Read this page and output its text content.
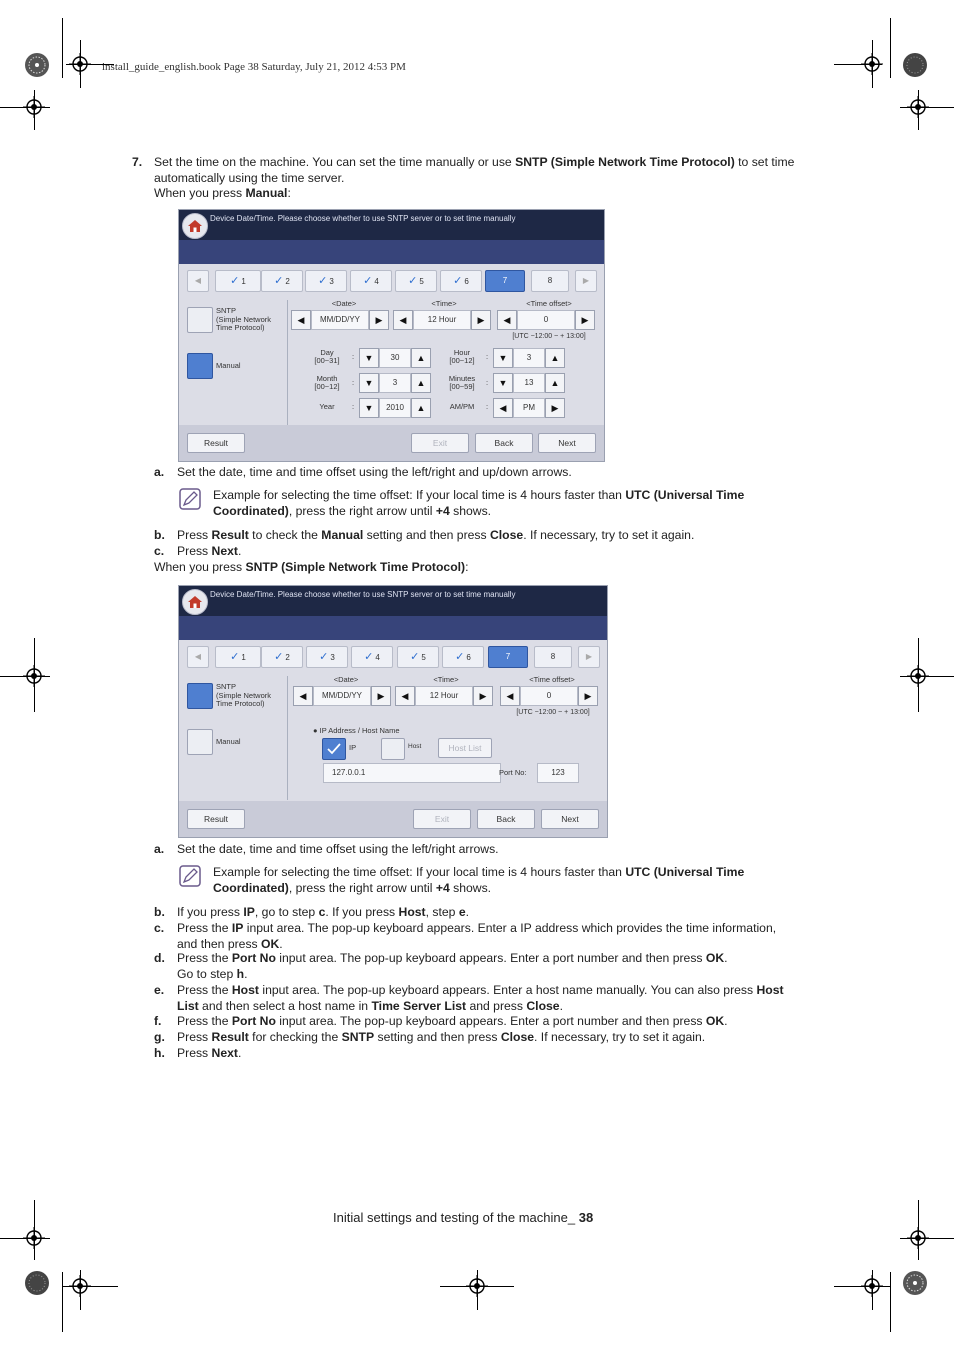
install_guide_english.book Page 38 Saturday, July 21, 2012 4:53 PM
7. Set the time on the machine. You can set the time manually or use SNTP (Simple Network Time Protocol) to set time
automatically using the time server.
When you press Manual:
Device Date/Time. Please choose whether to use SNTP server or to set time manually
◀	✓ 1	✓ 2	✓ 3	✓ 4	✓ 5	✓ 6	7	8	▶
SNTP
(Simple Network
Time Protocol)
Manual
<Date>	<Time>	<Time offset>
◀	MM/DD/YY	▶	◀	12 Hour	▶	◀	0	▶
[UTC −12:00 ~ + 13:00]
Day
[00~31]	:	▼	30	▲
Month
[00~12]	:	▼	3	▲
Year	:	▼	2010	▲
Hour
[00~12]	:	▼	3	▲
Minutes
[00~59]	:	▼	13	▲
AM/PM	:	◀	PM	▶
Result	Exit	Back	Next
a. Set the date, time and time offset using the left/right and up/down arrows.
Example for selecting the time offset: If your local time is 4 hours faster than UTC (Universal Time
Coordinated), press the right arrow until +4 shows.
b. Press Result to check the Manual setting and then press Close. If necessary, try to set it again.
c. Press Next.
When you press SNTP (Simple Network Time Protocol):
Device Date/Time. Please choose whether to use SNTP server or to set time manually
◀	✓ 1	✓ 2	✓ 3	✓ 4	✓ 5	✓ 6	7	8	▶
SNTP
(Simple Network
Time Protocol)
Manual
<Date>	<Time>	<Time offset>
◀	MM/DD/YY	▶	◀	12 Hour	▶	◀	0	▶
[UTC −12:00 ~ + 13:00]
● IP Address / Host Name
IP	Host	Host List
127.0.0.1	Port No:	123
Result	Exit	Back	Next
a. Set the date, time and time offset using the left/right arrows.
Example for selecting the time offset: If your local time is 4 hours faster than UTC (Universal Time
Coordinated), press the right arrow until +4 shows.
b. If you press IP, go to step c. If you press Host, step e.
c. Press the IP input area. The pop-up keyboard appears. Enter a IP address which provides the time information,
and then press OK.
d. Press the Port No input area. The pop-up keyboard appears. Enter a port number and then press OK.
Go to step h.
e. Press the Host input area. The pop-up keyboard appears. Enter a host name manually. You can also press Host
List and then select a host name in Time Server List and press Close.
f. Press the Port No input area. The pop-up keyboard appears. Enter a port number and then press OK.
g. Press Result for checking the SNTP setting and then press Close. If necessary, try to set it again.
h. Press Next.
Initial settings and testing of the machine_ 38
